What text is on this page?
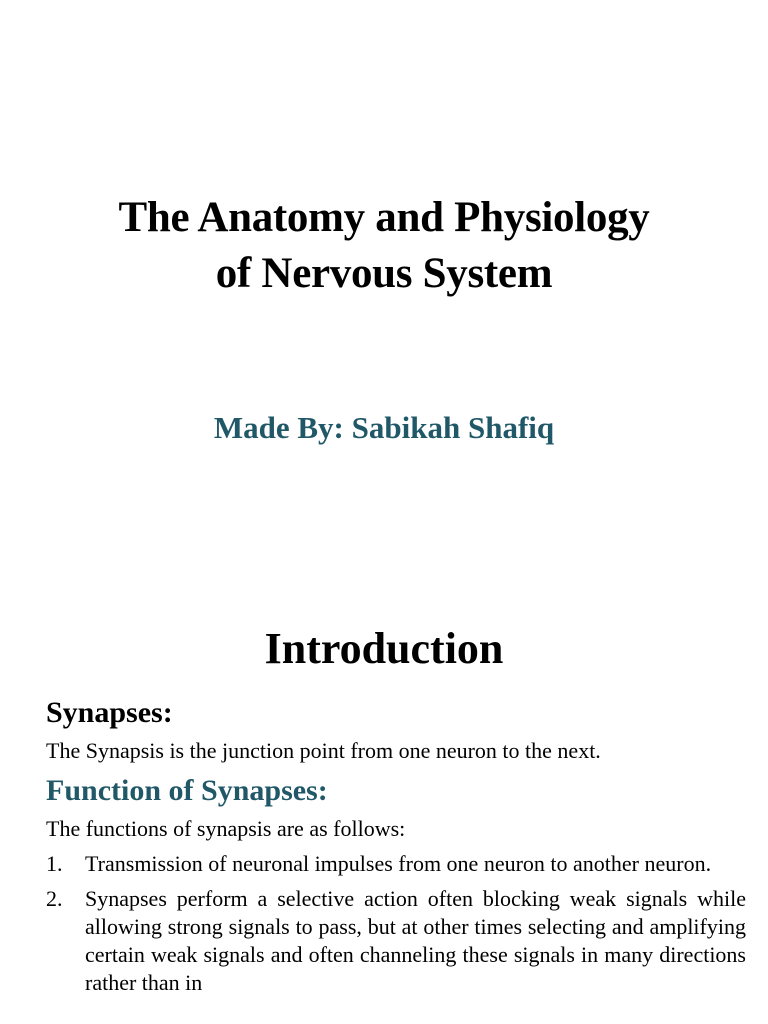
The Anatomy and Physiology
of Nervous System
Made By: Sabikah Shafiq
Introduction
Synapses:
The Synapsis is the junction point from one neuron to the next.
Function of Synapses:
The functions of synapsis are as follows:
1. Transmission of neuronal impulses from one neuron to another neuron.
2. Synapses perform a selective action often blocking weak signals while allowing strong signals to pass, but at other times selecting and amplifying certain weak signals and often channeling these signals in many directions rather than in
